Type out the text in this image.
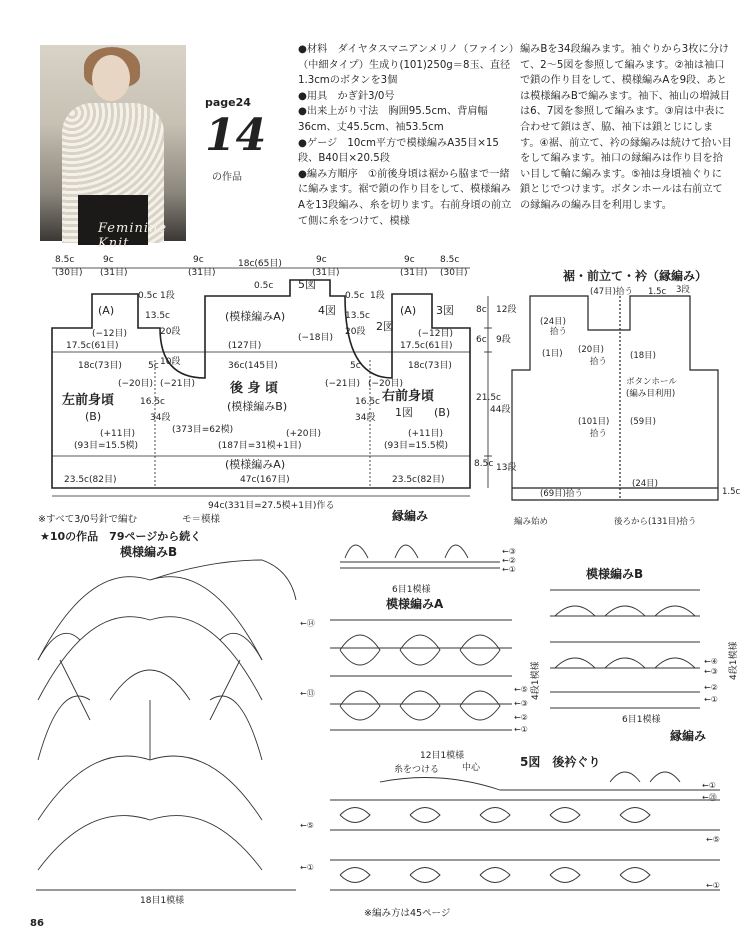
Feminine Knit
page24
14
の作品

●材料　ダイヤタスマニアンメリノ（ファイン）（中細タイプ）生成り(101)250g＝8玉、直径1.3cmのボタンを3個

●用具　かぎ針3/0号

●出来上がり寸法　胸囲95.5cm、背肩幅36cm、丈45.5cm、袖53.5cm

●ゲージ　10cm平方で模様編みA35目×15段、B40目×20.5段

●編み方順序　①前後身頃は裾から脇まで一緒に編みます。裾で鎖の作り目をして、模様編みAを13段編み、糸を切ります。右前身頃の前立て側に糸をつけて、模様

編みBを34段編みます。袖ぐりから3枚に分けて、2～5図を参照して編みます。②袖は袖口で鎖の作り目をして、模様編みAを9段、あとは模様編みBで編みます。袖下、袖山の増減目は6、7図を参照して編みます。③肩は中表に合わせて鎖はぎ、脇、袖下は鎖とじにします。④裾、前立て、衿の縁編みは続けて拾い目をして編みます。袖口の縁編みは作り目を拾い目して輪に編みます。⑤袖は身頃袖ぐりに鎖とじでつけます。ボタンホールは右前立ての縁編みの編み目を利用します。

8.5c
(30目)
9c
(31目)
9c
(31目)
18c(65目)	9c
(31目)
9c
(31目)
8.5c
(30目)
5図
4図
2図
3図
1図
(A)	(A)
(模様編みA)
左前身頃
(B)
後 身 頃
(模様編みB)
右前身頃
(B)
(模様編みA)
0.5c 1段
13.5c
20段
5c 10段
0.5c 1段
13.5c
20段
5c
0.5c
(−12目)
17.5c(61目)
18c(73目)
(127目)
(−18目)
36c(145目)
(−12目)
17.5c(61目)
18c(73目)
(−20目) (−21目)	(−21目) (−20目)
16.5c
34段
16.5c
34段
(+11目)	(373目=62模)	(+20目)	(+11目)
(93目=15.5模)	(187目=31模+1目)	(93目=15.5模)
23.5c(82目)	47c(167目)	23.5c(82目)
94c(331目=27.5模+1目)作る
8c 12段
6c 9段
21.5c
44段
8.5c 13段
裾・前立て・衿（縁編み）
(47目)拾う 1.5c 3段
(24目)
拾う
(1目) (20目)
拾う
(18目)
ボタンホール
(編み目利用)
(101目)
拾う
(59目)
(24目)
(69目)拾う	1.5c
編み始め	後ろから(131目)拾う
※すべて3/0号針で編む	モ＝模様
★10の作品　79ページから続く
模様編みB
縁編み
模様編みA
模様編みB
5図　後衿ぐり
縁編み
6目1模様
6目1模様
12目1模様
18目1模様
4段1模様
4段1模様
糸をつける	中心
※編み方は45ページ
←⑭
←⑬
←⑤
←①
←③
←②
←①
←⑤
←③
←②
←①
←④
←③
←②
←①
←①
←⑳
←⑤
←①
86
